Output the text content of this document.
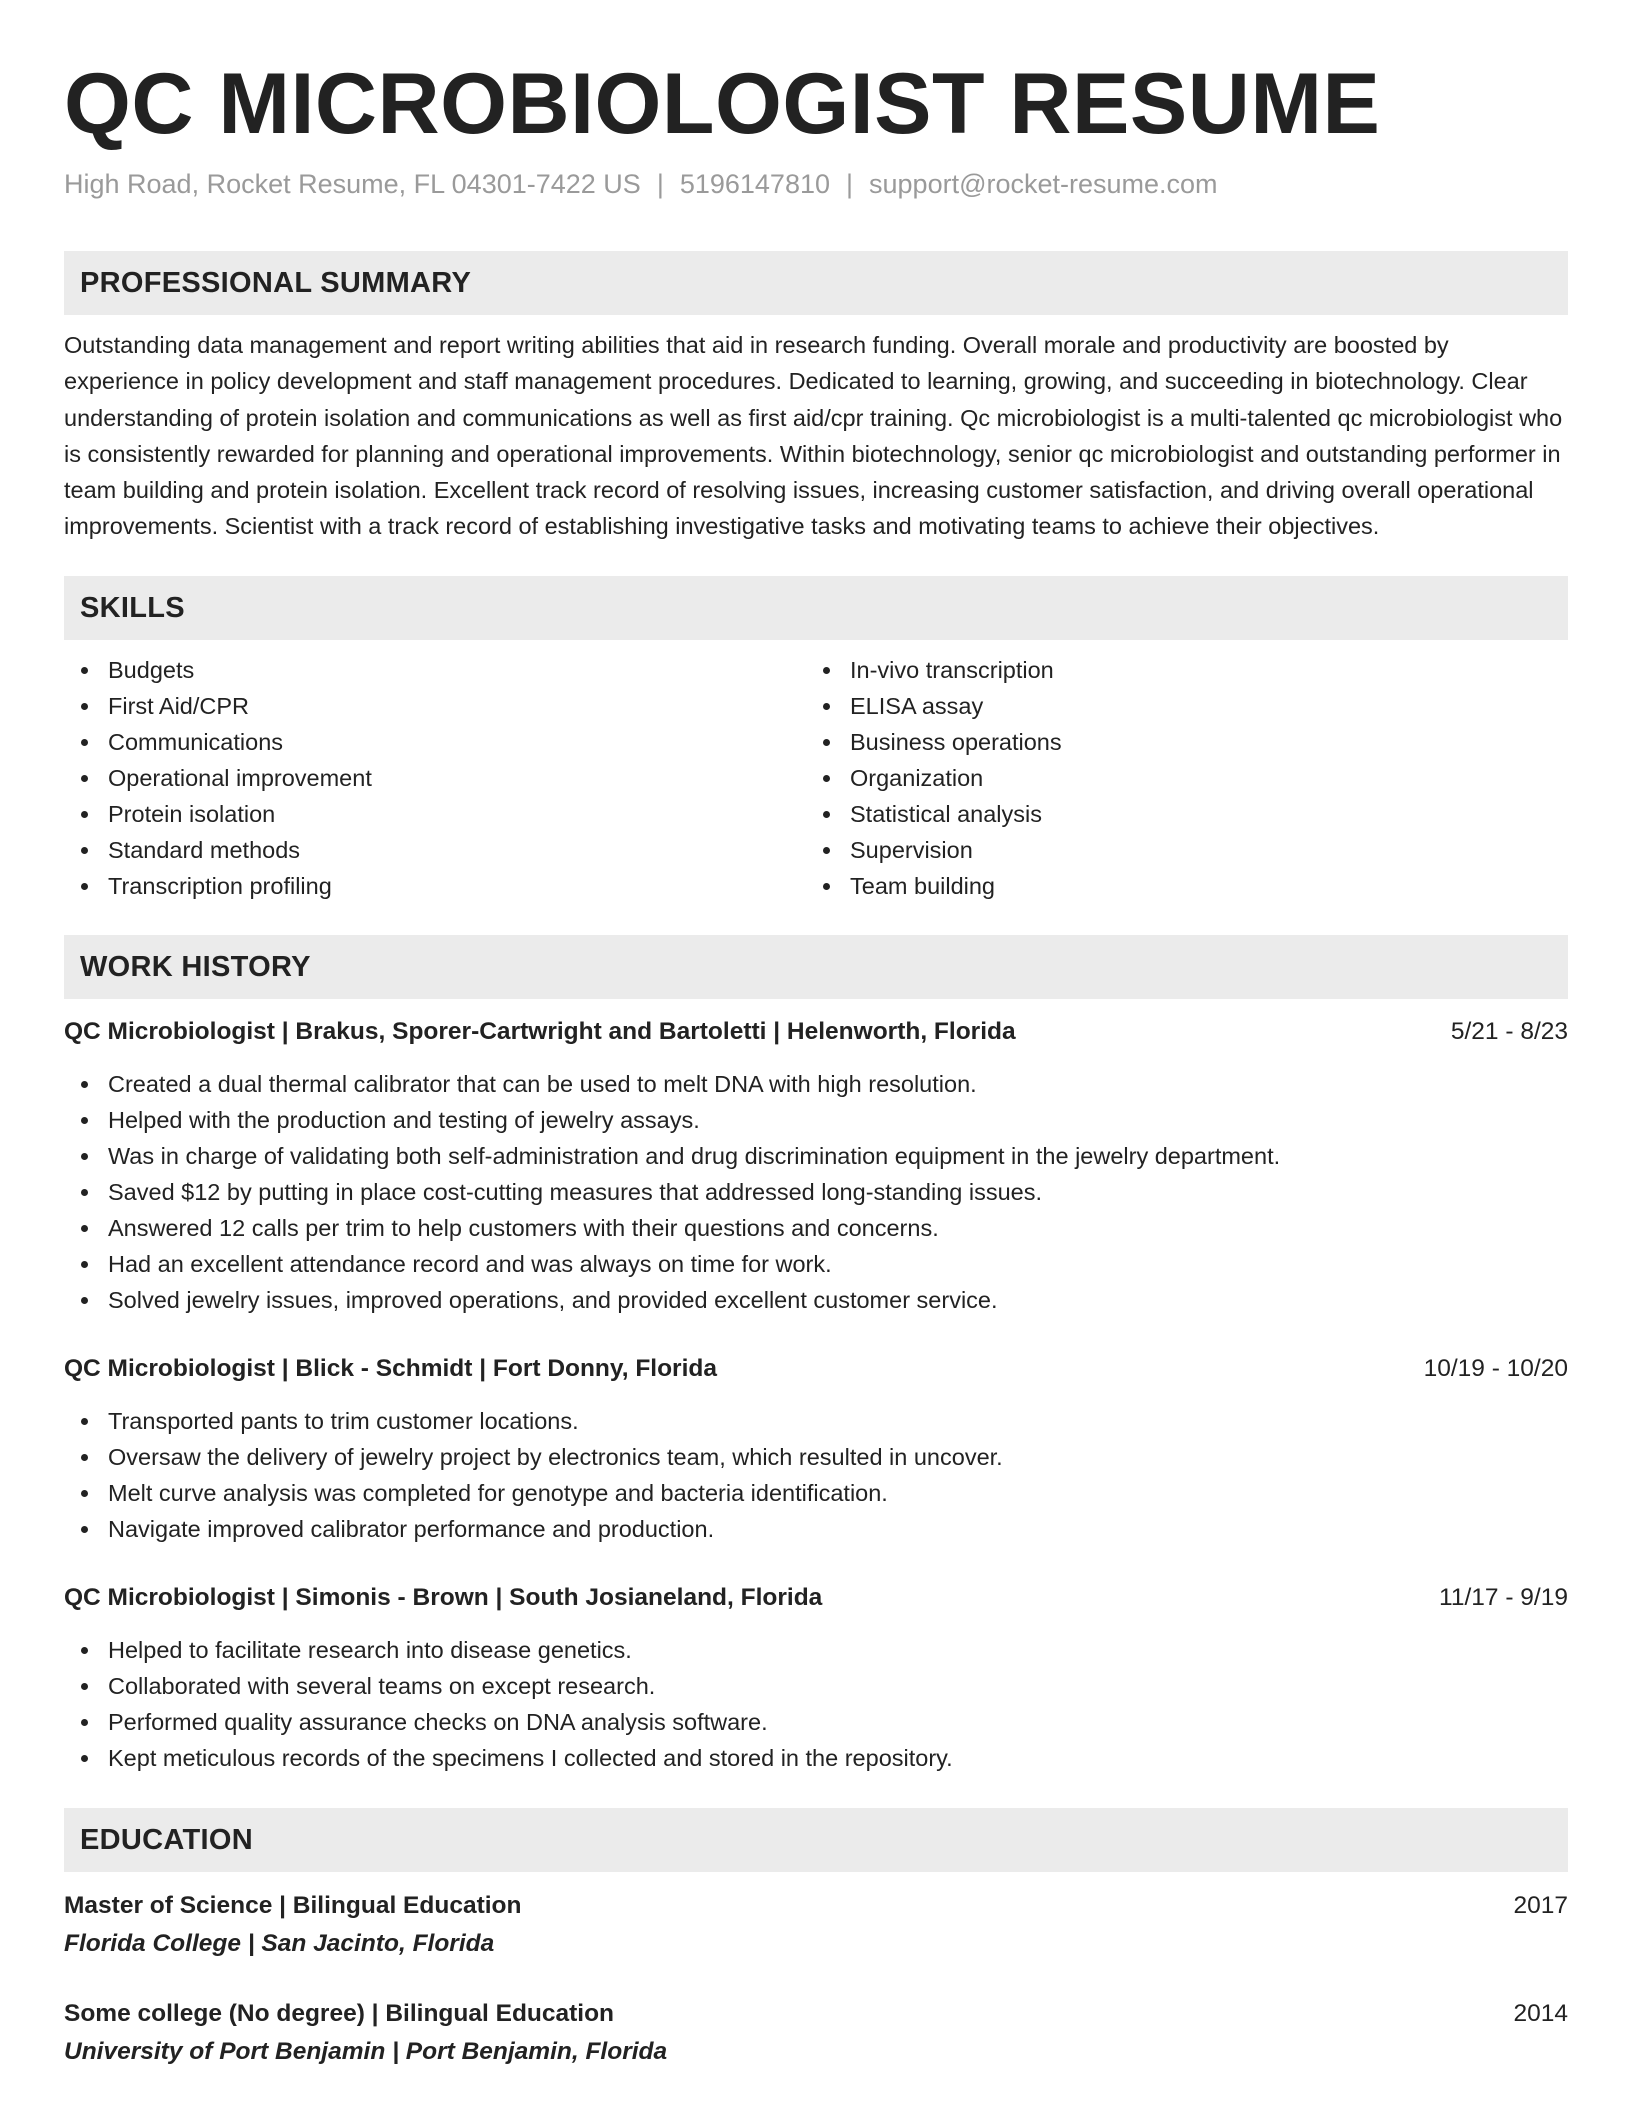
QC MICROBIOLOGIST RESUME
High Road, Rocket Resume, FL 04301-7422 US | 5196147810 | support@rocket-resume.com
PROFESSIONAL SUMMARY

Outstanding data management and report writing abilities that aid in research funding. Overall morale and productivity are boosted by experience in policy development and staff management procedures. Dedicated to learning, growing, and succeeding in biotechnology. Clear understanding of protein isolation and communications as well as first aid/cpr training. Qc microbiologist is a multi-talented qc microbiologist who is consistently rewarded for planning and operational improvements. Within biotechnology, senior qc microbiologist and outstanding performer in team building and protein isolation. Excellent track record of resolving issues, increasing customer satisfaction, and driving overall operational improvements. Scientist with a track record of establishing investigative tasks and motivating teams to achieve their objectives.

SKILLS
Budgets
First Aid/CPR
Communications
Operational improvement
Protein isolation
Standard methods
Transcription profiling
In-vivo transcription
ELISA assay
Business operations
Organization
Statistical analysis
Supervision
Team building
WORK HISTORY
QC Microbiologist | Brakus, Sporer-Cartwright and Bartoletti | Helenworth, Florida	5/21 - 8/23
Created a dual thermal calibrator that can be used to melt DNA with high resolution.
Helped with the production and testing of jewelry assays.
Was in charge of validating both self-administration and drug discrimination equipment in the jewelry department.
Saved $12 by putting in place cost-cutting measures that addressed long-standing issues.
Answered 12 calls per trim to help customers with their questions and concerns.
Had an excellent attendance record and was always on time for work.
Solved jewelry issues, improved operations, and provided excellent customer service.
QC Microbiologist | Blick - Schmidt | Fort Donny, Florida	10/19 - 10/20
Transported pants to trim customer locations.
Oversaw the delivery of jewelry project by electronics team, which resulted in uncover.
Melt curve analysis was completed for genotype and bacteria identification.
Navigate improved calibrator performance and production.
QC Microbiologist | Simonis - Brown | South Josianeland, Florida	11/17 - 9/19
Helped to facilitate research into disease genetics.
Collaborated with several teams on except research.
Performed quality assurance checks on DNA analysis software.
Kept meticulous records of the specimens I collected and stored in the repository.
EDUCATION
Master of Science | Bilingual Education	2017
Florida College | San Jacinto, Florida
Some college (No degree) | Bilingual Education	2014
University of Port Benjamin | Port Benjamin, Florida
